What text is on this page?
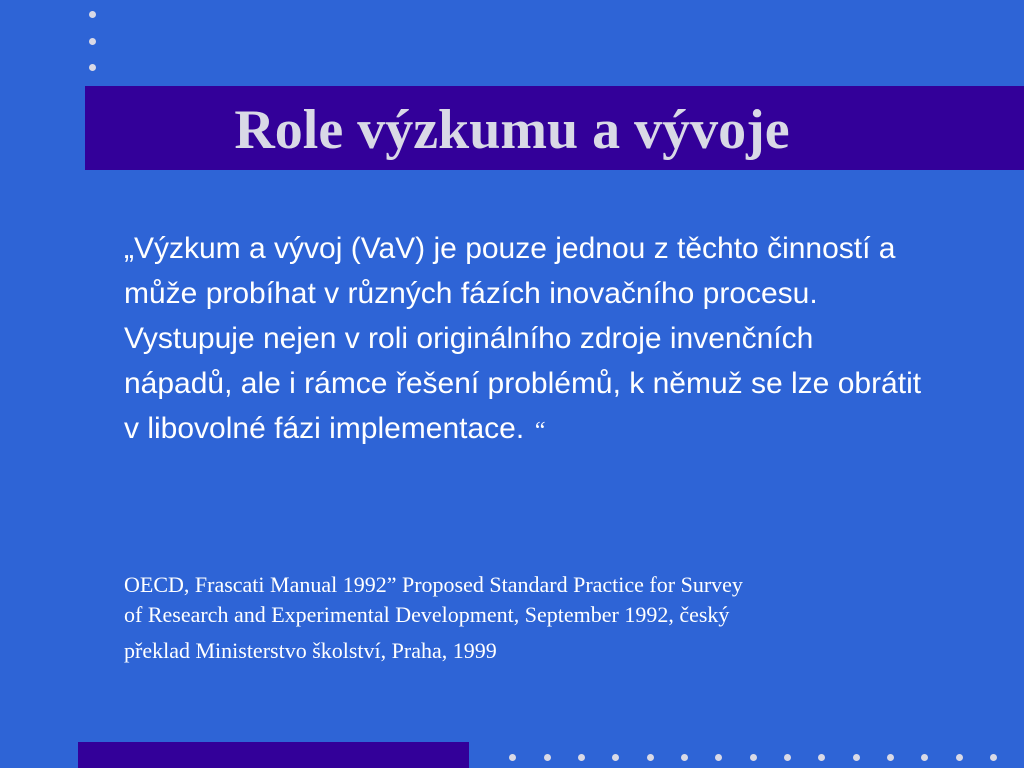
Role výzkumu a vývoje

„Výzkum a vývoj (VaV) je pouze jednou z těchto činností a může probíhat v různých fázích inovačního procesu. Vystupuje nejen v roli originálního zdroje invenčních nápadů, ale i rámce řešení problémů, k němuž se lze obrátit v libovolné fázi implementace. “

OECD, Frascati Manual 1992” Proposed Standard Practice for Survey
of Research and Experimental Development, September 1992, český
překlad Ministerstvo školství, Praha, 1999
